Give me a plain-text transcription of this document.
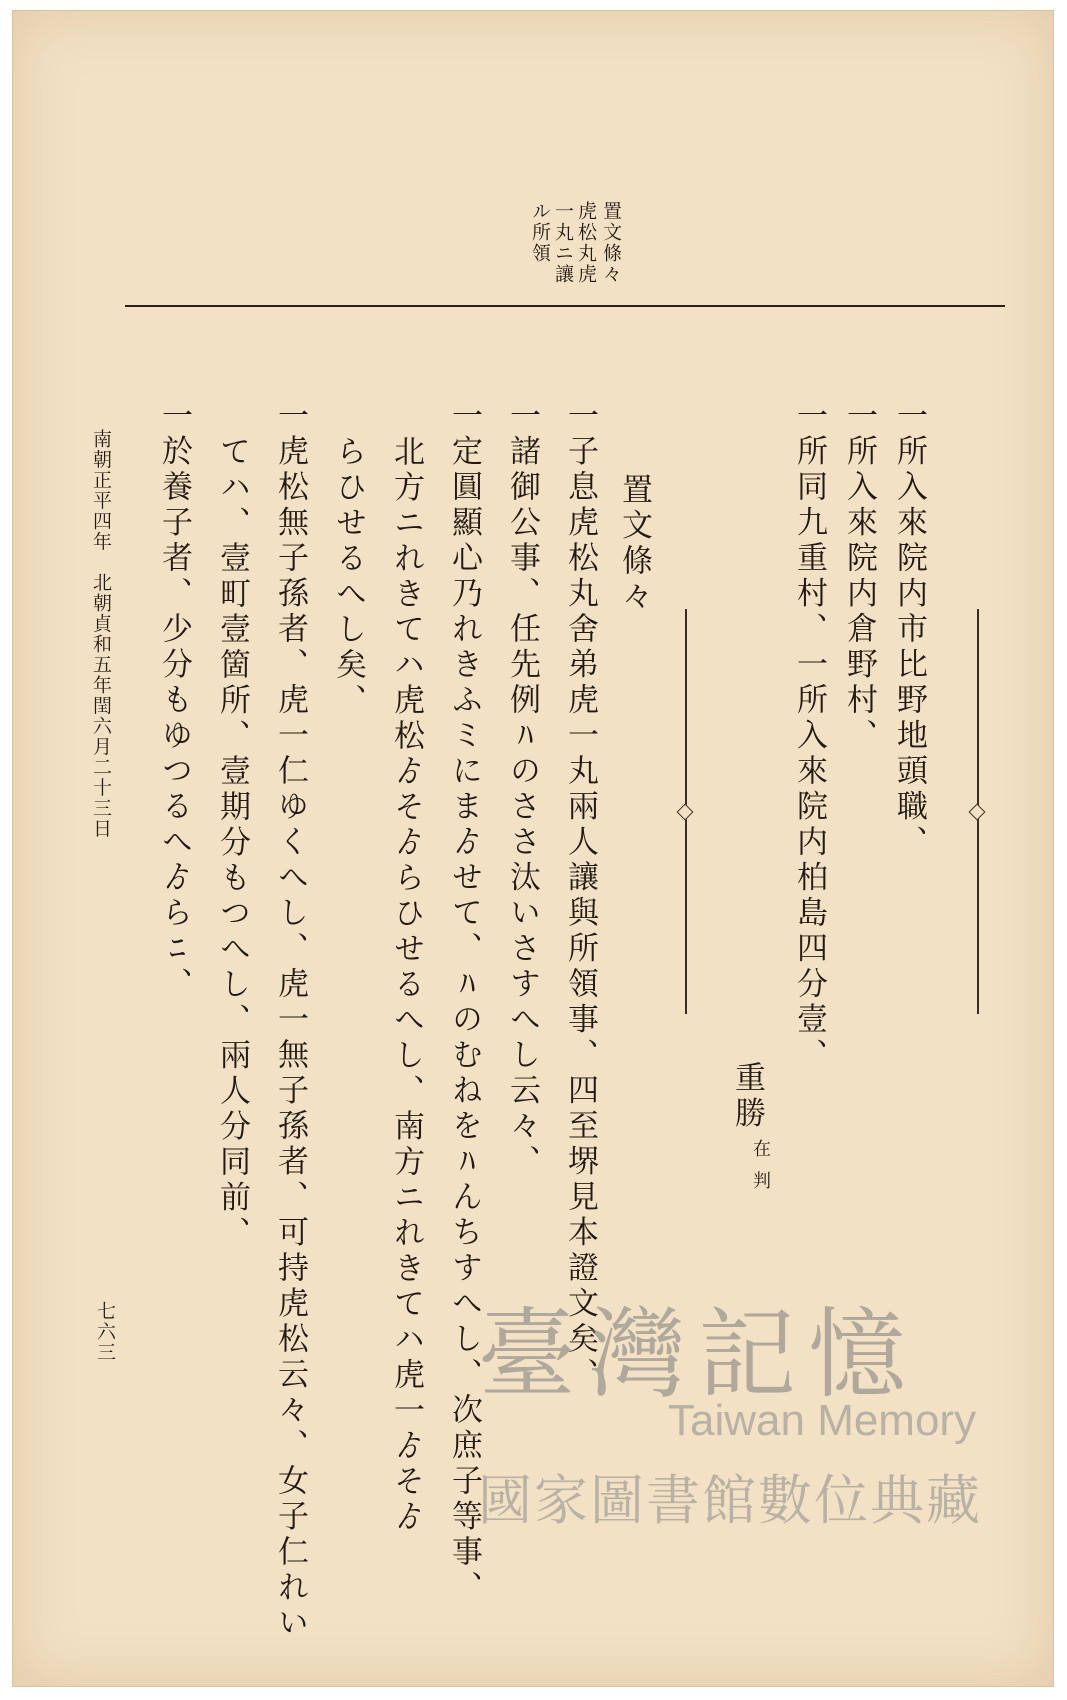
置文條々
虎松丸虎
一丸ニ讓
ル所領
一所入來院内市比野地頭職、
一所入來院内倉野村、
一所同九重村、一所入來院内柏島四分壹、
重勝
在判
置文條々
一子息虎松丸舍弟虎一丸兩人讓與所領事、四至堺見本證文矣、
一諸御公事、任先例ﾊのささ汰いさすへし云々、
一定圓顯心乃れきふミにまゟせて、ﾊのむねをﾊんちすへし、次庶子等事、
北方ニれきてハ虎松ゟそゟらひせるへし、南方ニれきてハ虎一ゟそゟ
らひせるへし矣、
一虎松無子孫者、虎一仁ゆくへし、虎一無子孫者、可持虎松云々、女子仁れい
てハ、壹町壹箇所、壹期分もつへし、兩人分同前、
一於養子者、少分もゆつるへゟらﾆ、
南朝正平四年　北朝貞和五年閏六月二十三日
七六三	臺灣記憶
Taiwan Memory
國家圖書館數位典藏
